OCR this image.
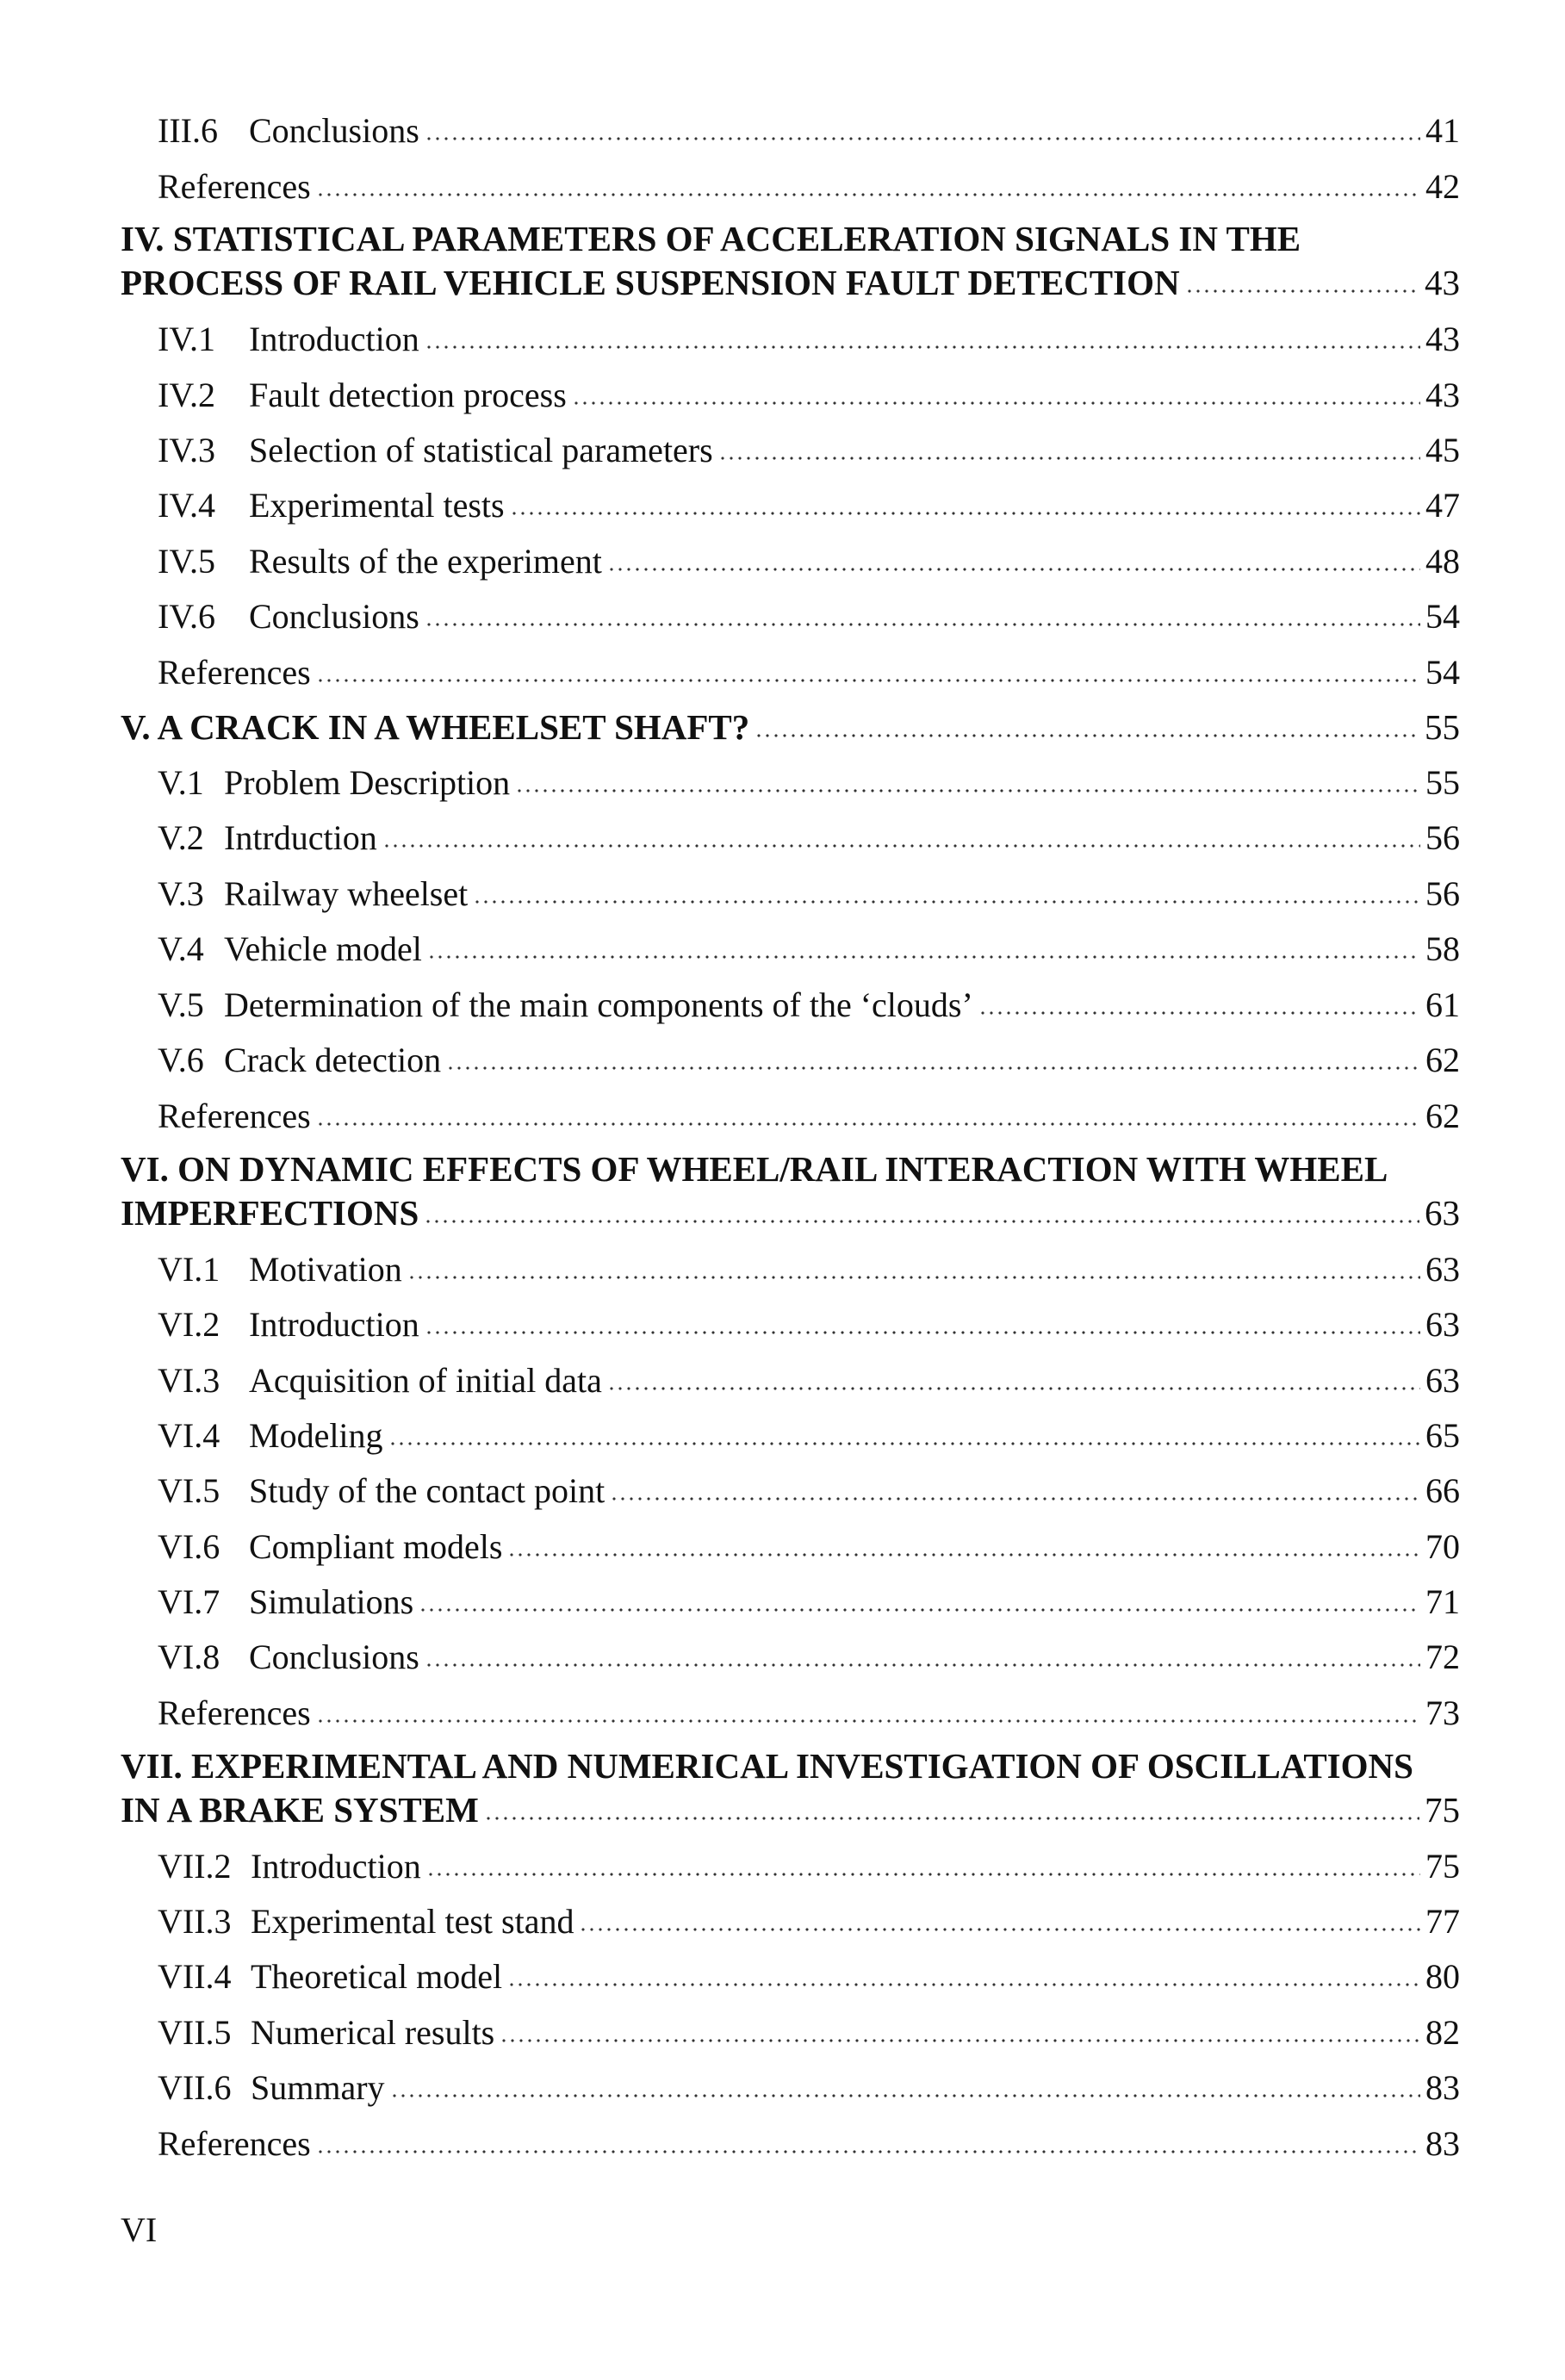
III.6 Conclusions	41
References	42
IV. STATISTICAL PARAMETERS OF ACCELERATION SIGNALS IN THE
PROCESS OF RAIL VEHICLE SUSPENSION FAULT DETECTION	43
IV.1 Introduction	43
IV.2 Fault detection process	43
IV.3 Selection of statistical parameters	45
IV.4 Experimental tests	47
IV.5 Results of the experiment	48
IV.6 Conclusions	54
References	54
V. A CRACK IN A WHEELSET SHAFT?	55
V.1 Problem Description	55
V.2 Intrduction	56
V.3 Railway wheelset	56
V.4 Vehicle model	58
V.5 Determination of the main components of the ‘clouds’	61
V.6 Crack detection	62
References	62
VI. ON DYNAMIC EFFECTS OF WHEEL/RAIL INTERACTION WITH WHEEL
IMPERFECTIONS	63
VI.1 Motivation	63
VI.2 Introduction	63
VI.3 Acquisition of initial data	63
VI.4 Modeling	65
VI.5 Study of the contact point	66
VI.6 Compliant models	70
VI.7 Simulations	71
VI.8 Conclusions	72
References	73
VII. EXPERIMENTAL AND NUMERICAL INVESTIGATION OF OSCILLATIONS
IN A BRAKE SYSTEM	75
VII.2 Introduction	75
VII.3 Experimental test stand	77
VII.4 Theoretical model	80
VII.5 Numerical results	82
VII.6 Summary	83
References	83
VI
